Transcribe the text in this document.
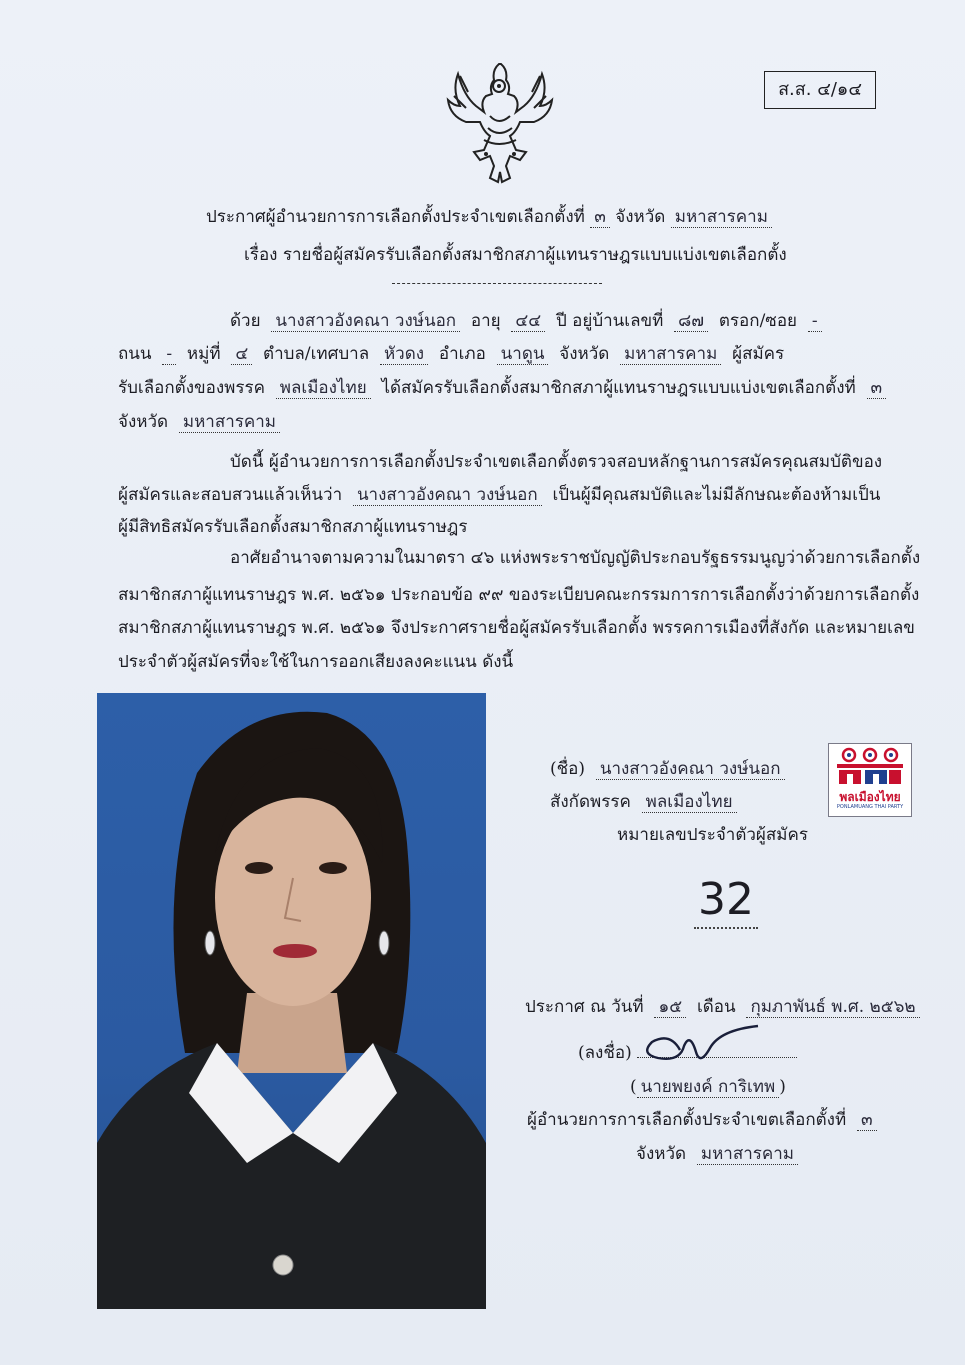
ส.ส. ๔/๑๔
ประกาศผู้อำนวยการการเลือกตั้งประจำเขตเลือกตั้งที่ ๓ จังหวัด มหาสารคาม
เรื่อง รายชื่อผู้สมัครรับเลือกตั้งสมาชิกสภาผู้แทนราษฎรแบบแบ่งเขตเลือกตั้ง
ด้วย นางสาวอังคณา วงษ์นอก อายุ ๔๔ ปี อยู่บ้านเลขที่ ๘๗ ตรอก/ซอย -
ถนน - หมู่ที่ ๔ ตำบล/เทศบาล หัวดง อำเภอ นาดูน จังหวัด มหาสารคาม ผู้สมัคร
รับเลือกตั้งของพรรค พลเมืองไทย ได้สมัครรับเลือกตั้งสมาชิกสภาผู้แทนราษฎรแบบแบ่งเขตเลือกตั้งที่ ๓
จังหวัด มหาสารคาม
บัดนี้ ผู้อำนวยการการเลือกตั้งประจำเขตเลือกตั้งตรวจสอบหลักฐานการสมัครคุณสมบัติของ
ผู้สมัครและสอบสวนแล้วเห็นว่า นางสาวอังคณา วงษ์นอก เป็นผู้มีคุณสมบัติและไม่มีลักษณะต้องห้ามเป็น
ผู้มีสิทธิสมัครรับเลือกตั้งสมาชิกสภาผู้แทนราษฎร
อาศัยอำนาจตามความในมาตรา ๔๖ แห่งพระราชบัญญัติประกอบรัฐธรรมนูญว่าด้วยการเลือกตั้ง
สมาชิกสภาผู้แทนราษฎร พ.ศ. ๒๕๖๑ ประกอบข้อ ๙๙ ของระเบียบคณะกรรมการการเลือกตั้งว่าด้วยการเลือกตั้ง
สมาชิกสภาผู้แทนราษฎร พ.ศ. ๒๕๖๑ จึงประกาศรายชื่อผู้สมัครรับเลือกตั้ง พรรคการเมืองที่สังกัด และหมายเลข
ประจำตัวผู้สมัครที่จะใช้ในการออกเสียงลงคะแนน ดังนี้
(ชื่อ) นางสาวอังคณา วงษ์นอก
สังกัดพรรค พลเมืองไทย
หมายเลขประจำตัวผู้สมัคร
32
พลเมืองไทย
PONLAMUANG THAI PARTY
ประกาศ ณ วันที่ ๑๕ เดือน กุมภาพันธ์ พ.ศ. ๒๕๖๒
(ลงชื่อ)
( นายพยงค์ การิเทพ )
ผู้อำนวยการการเลือกตั้งประจำเขตเลือกตั้งที่ ๓
จังหวัด มหาสารคาม
